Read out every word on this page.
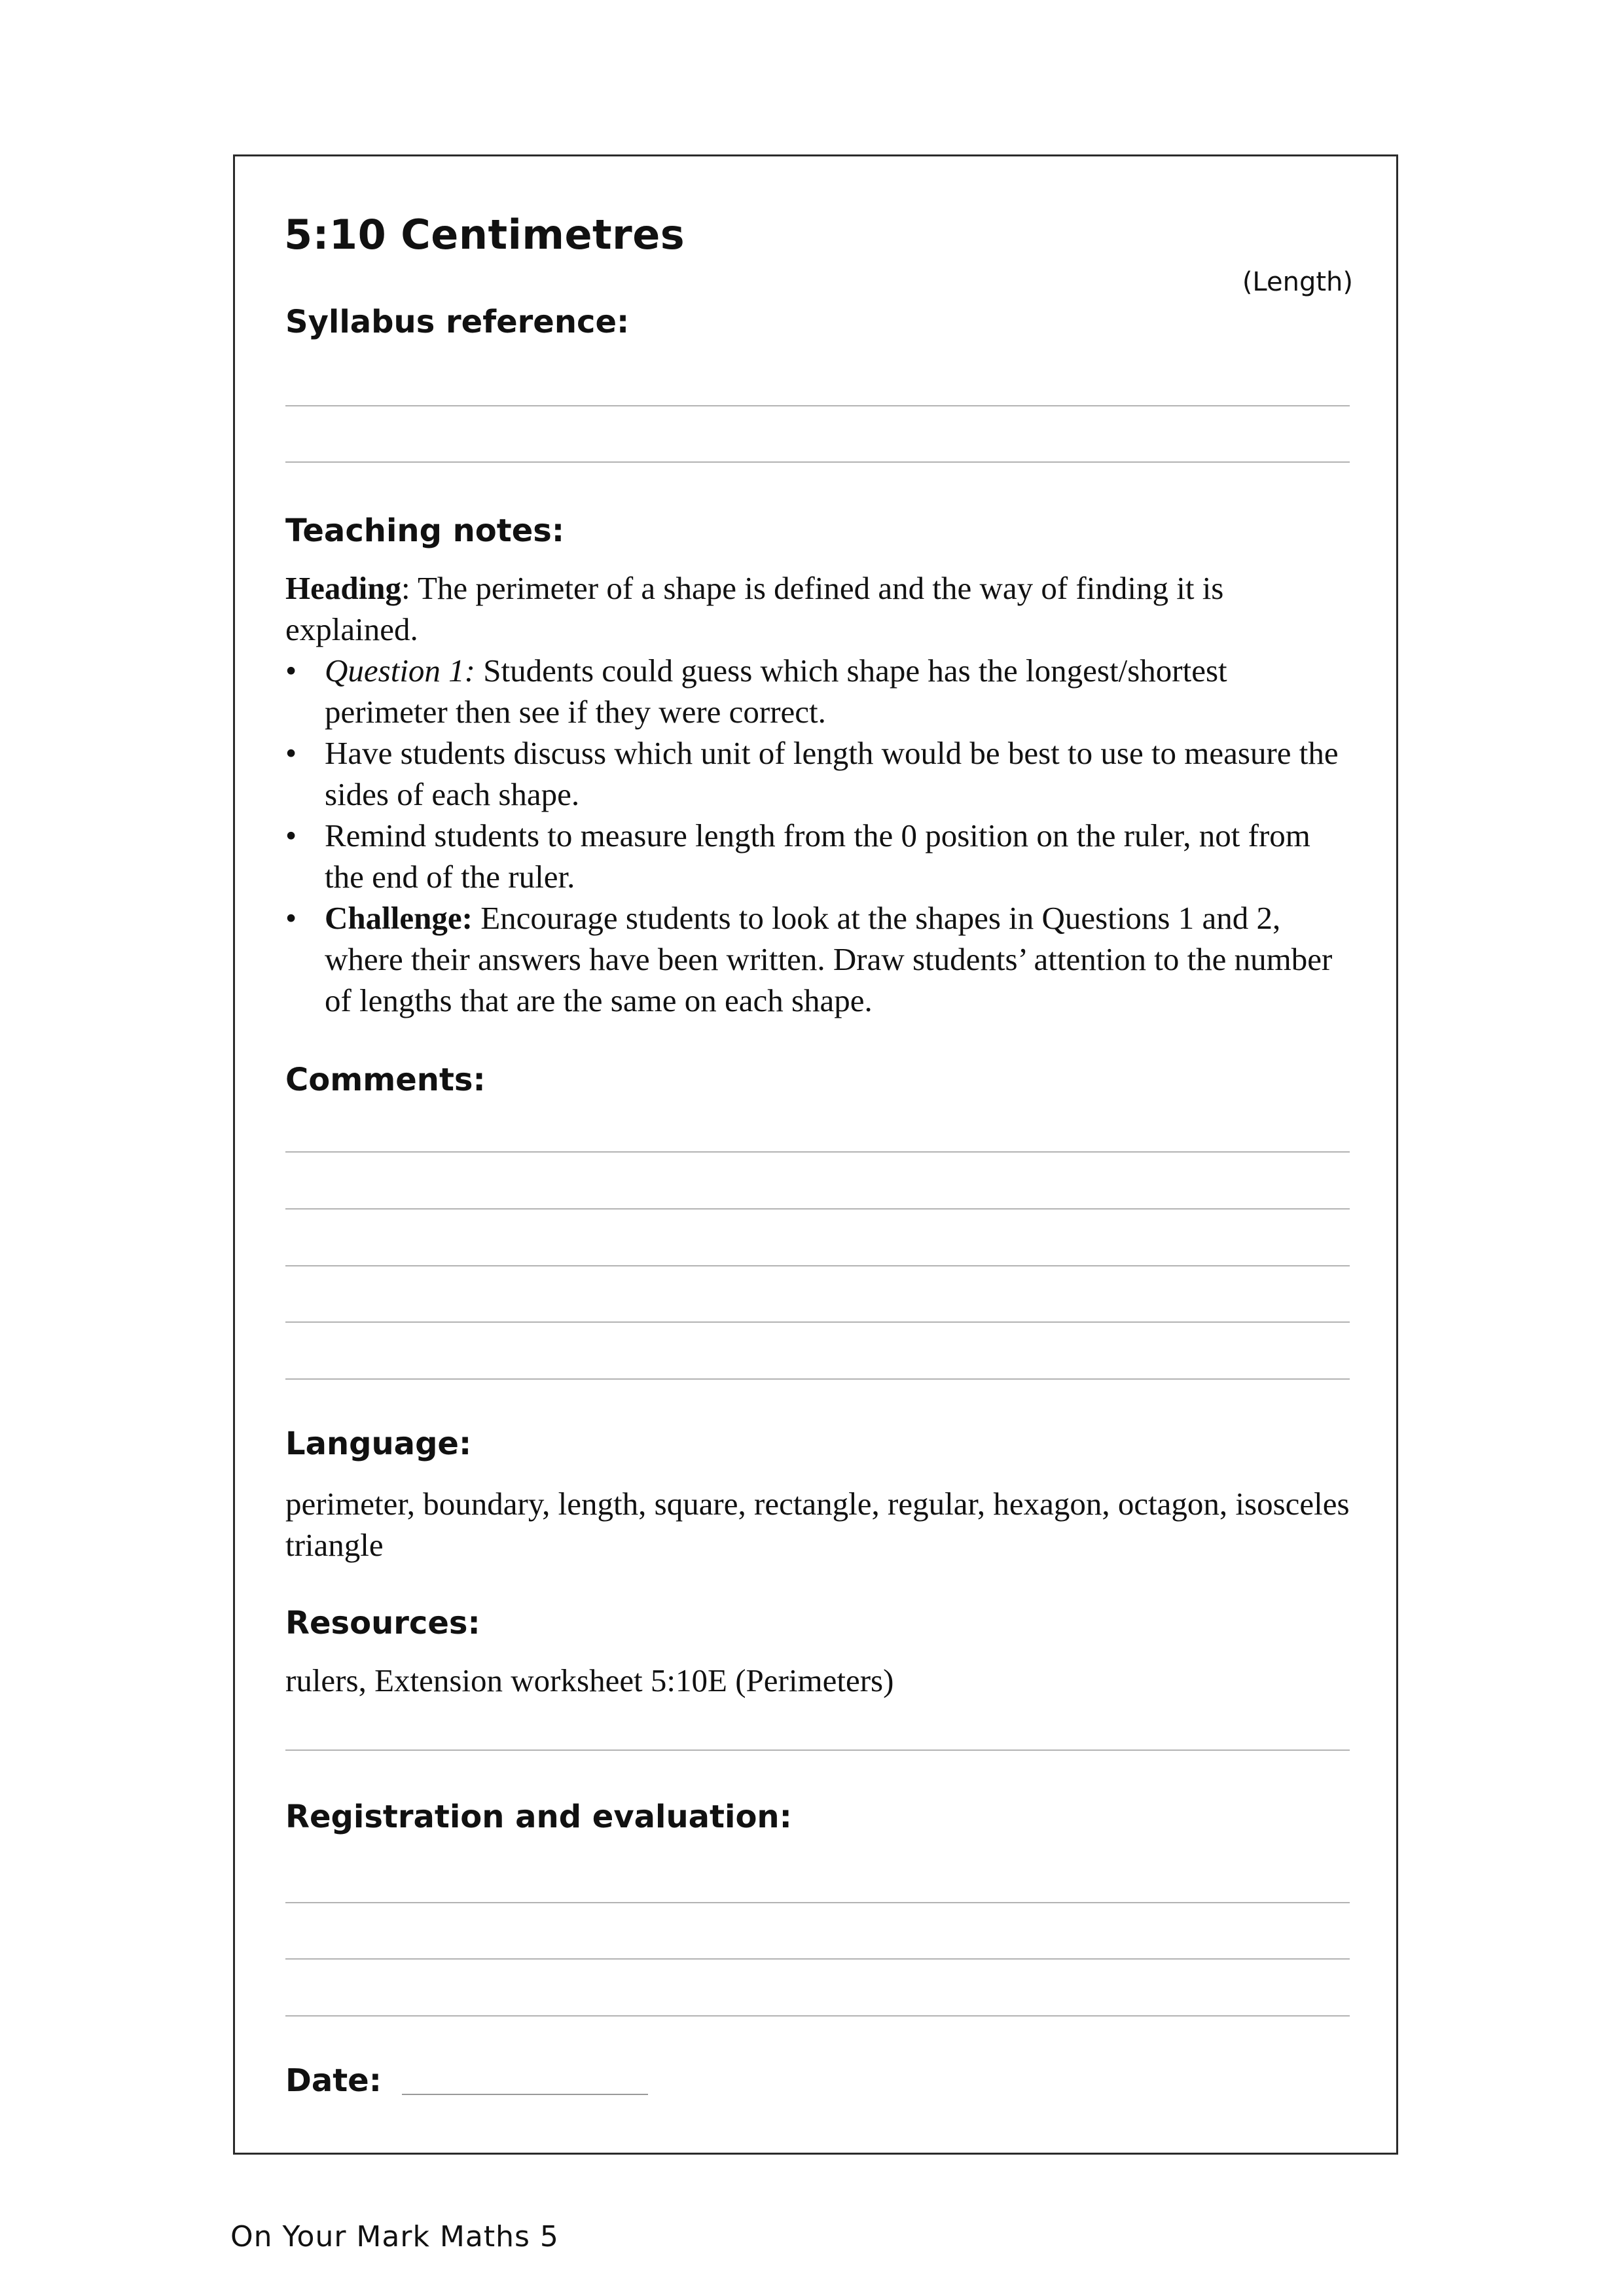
5:10 Centimetres
(Length)
Syllabus reference:
Teaching notes:

Heading: The perimeter of a shape is defined and the way of finding it is explained.

• Question 1: Students could guess which shape has the longest/shortest perimeter then see if they were correct.
• Have students discuss which unit of length would be best to use to measure the sides of each shape.
• Remind students to measure length from the 0 position on the ruler, not from the end of the ruler.
• Challenge: Encourage students to look at the shapes in Questions 1 and 2, where their answers have been written. Draw students’ attention to the number of lengths that are the same on each shape.
Comments:
Language:
perimeter, boundary, length, square, rectangle, regular, hexagon, octagon, isosceles triangle
Resources:
rulers, Extension worksheet 5:10E (Perimeters)
Registration and evaluation:
Date:
On Your Mark Maths 5
